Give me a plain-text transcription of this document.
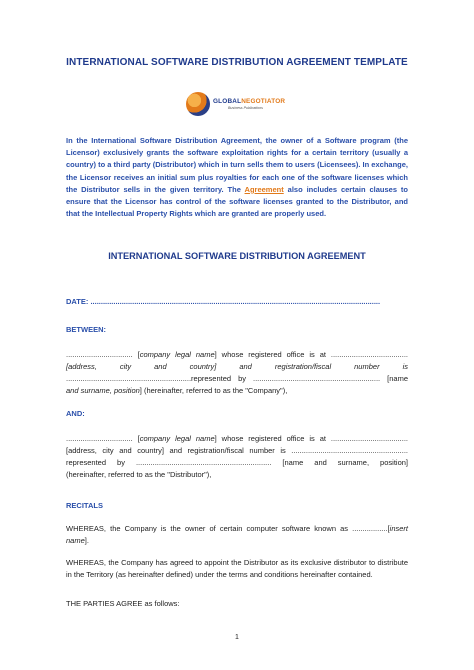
INTERNATIONAL SOFTWARE DISTRIBUTION AGREEMENT TEMPLATE
GLOBALNEGOTIATOR
Business Publications

In the International Software Distribution Agreement, the owner of a Software program (the Licensor) exclusively grants the software exploitation rights for a certain territory (usually a country) to a third party (Distributor) which in turn sells them to users (Licensees). In exchange, the Licensor receives an initial sum plus royalties for each one of the software licenses which the Distributor sells in the given territory. The Agreement also includes certain clauses to ensure that the Licensor has control of the software licenses granted to the Distributor, and that the Intellectual Property Rights which are granted are properly used.

INTERNATIONAL SOFTWARE DISTRIBUTION AGREEMENT

DATE: ...........................................................................................................................................

BETWEEN:

................................ [company legal name] whose registered office is at .....................................

[address, city and country] and registration/fiscal number is

............................................................represented by ............................................................. [name

and surname, position] (hereinafter, referred to as the "Company"),

AND:

................................ [company legal name] whose registered office is at .....................................

[address, city and country] and registration/fiscal number is ........................................................

represented by ................................................................. [name and surname, position]

(hereinafter, referred to as the "Distributor"),

RECITALS

WHEREAS, the Company is the owner of certain computer software known as .................[insert

name].

WHEREAS, the Company has agreed to appoint the Distributor as its exclusive distributor to distribute in the Territory (as hereinafter defined) under the terms and conditions hereinafter contained.

THE PARTIES AGREE as follows:

1
